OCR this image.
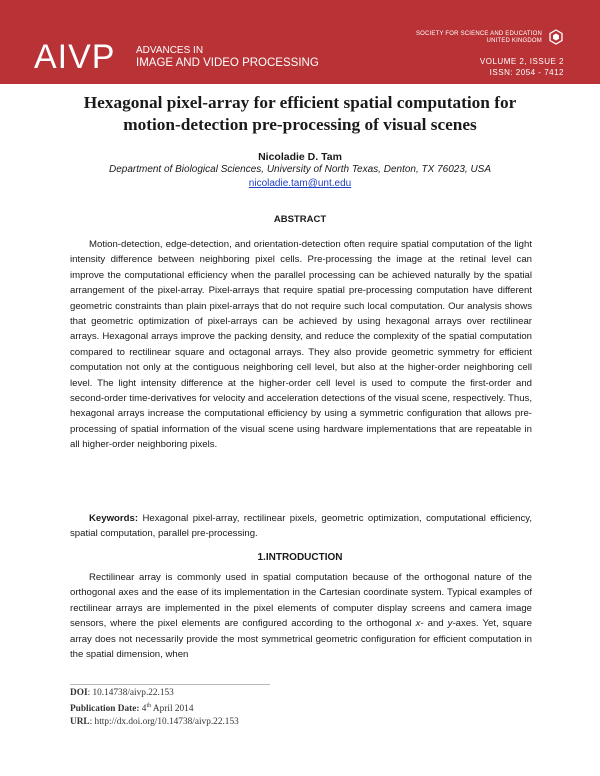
AIVP ADVANCES IN
IMAGE AND VIDEO PROCESSING
SOCIETY FOR SCIENCE AND EDUCATION
UNITED KINGDOM
VOLUME 2, ISSUE 2
ISSN: 2054 - 7412
Hexagonal pixel-array for efficient spatial computation for
motion-detection pre-processing of visual scenes
Nicoladie D. Tam
Department of Biological Sciences, University of North Texas, Denton, TX 76023, USA
nicoladie.tam@unt.edu
ABSTRACT
Motion-detection, edge-detection, and orientation-detection often require spatial computation of the light intensity difference between neighboring pixel cells. Pre-processing the image at the retinal level can improve the computational efficiency when the parallel processing can be achieved naturally by the spatial arrangement of the pixel-array. Pixel-arrays that require spatial pre-processing computation have different geometric constraints than plain pixel-arrays that do not require such local computation. Our analysis shows that geometric optimization of pixel-arrays can be achieved by using hexagonal arrays over rectilinear arrays. Hexagonal arrays improve the packing density, and reduce the complexity of the spatial computation compared to rectilinear square and octagonal arrays. They also provide geometric symmetry for efficient computation not only at the contiguous neighboring cell level, but also at the higher-order neighboring cell level. The light intensity difference at the higher-order cell level is used to compute the first-order and second-order time-derivatives for velocity and acceleration detections of the visual scene, respectively. Thus, hexagonal arrays increase the computational efficiency by using a symmetric configuration that allows pre-processing of spatial information of the visual scene using hardware implementations that are repeatable in all higher-order neighboring pixels.
Keywords: Hexagonal pixel-array, rectilinear pixels, geometric optimization, computational efficiency, spatial computation, parallel pre-processing.
1.INTRODUCTION
Rectilinear array is commonly used in spatial computation because of the orthogonal nature of the orthogonal axes and the ease of its implementation in the Cartesian coordinate system. Typical examples of rectilinear arrays are implemented in the pixel elements of computer display screens and camera image sensors, where the pixel elements are configured according to the orthogonal x- and y-axes. Yet, square array does not necessarily provide the most symmetrical geometric configuration for efficient computation in the spatial dimension, when
DOI: 10.14738/aivp.22.153
Publication Date: 4th April 2014
URL: http://dx.doi.org/10.14738/aivp.22.153
